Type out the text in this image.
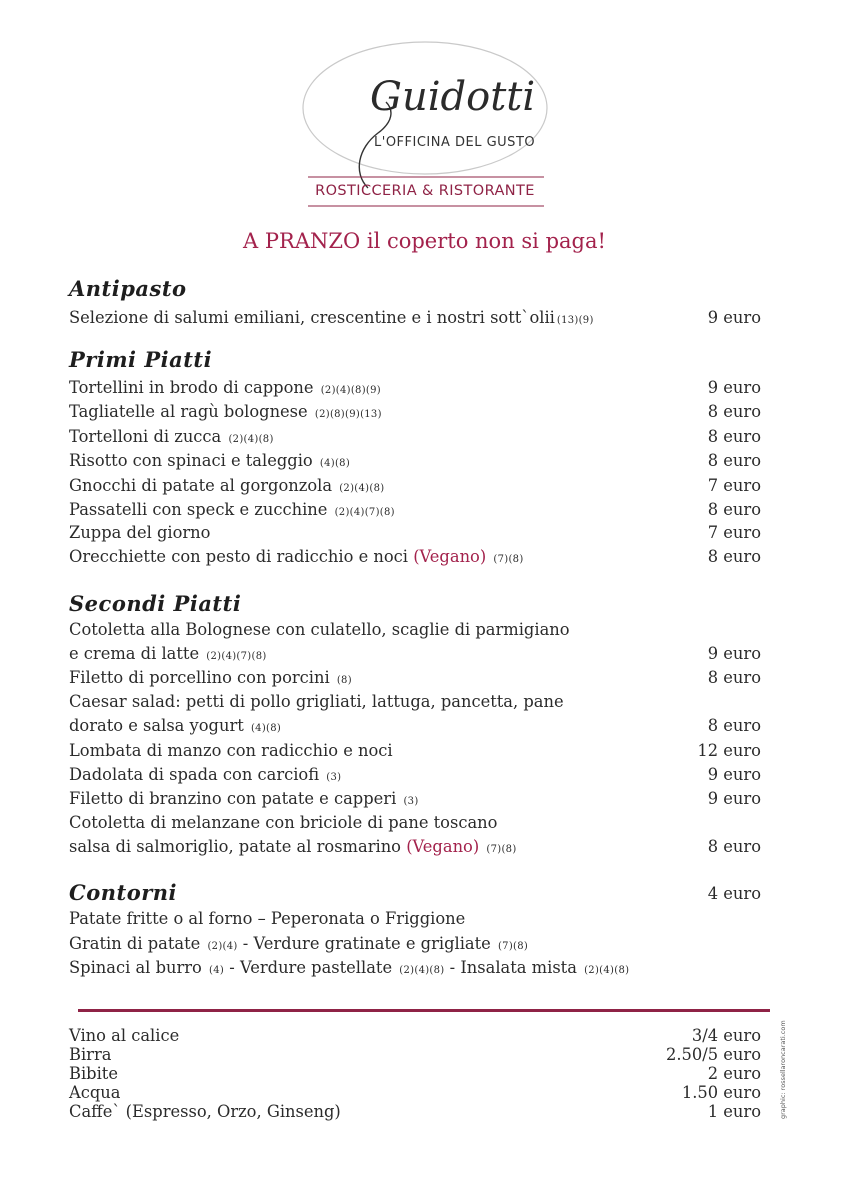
Guidotti
L'OFFICINA DEL GUSTO
ROSTICCERIA & RISTORANTE
A PRANZO il coperto non si paga!
Antipasto
Selezione di salumi emiliani, crescentine e i nostri sott`olii (13)(9)	9 euro
Primi Piatti
Tortellini in brodo di cappone (2)(4)(8)(9)	9 euro
Tagliatelle al ragù bolognese (2)(8)(9)(13)	8 euro
Tortelloni di zucca (2)(4)(8)	8 euro
Risotto con spinaci e taleggio (4)(8)	8 euro
Gnocchi di patate al gorgonzola (2)(4)(8)	7 euro
Passatelli con speck e zucchine (2)(4)(7)(8)	8 euro
Zuppa del giorno	7 euro
Orecchiette con pesto di radicchio e noci (Vegano) (7)(8)	8 euro
Secondi Piatti
Cotoletta alla Bolognese con culatello, scaglie di parmigiano
e crema di latte (2)(4)(7)(8)	9 euro
Filetto di porcellino con porcini (8)	8 euro
Caesar salad: petti di pollo grigliati, lattuga, pancetta, pane
dorato e salsa yogurt (4)(8)	8 euro
Lombata di manzo con radicchio e noci	12 euro
Dadolata di spada con carciofi (3)	9 euro
Filetto di branzino con patate e capperi (3)	9 euro
Cotoletta di melanzane con briciole di pane toscano
salsa di salmoriglio, patate al rosmarino (Vegano) (7)(8)	8 euro
Contorni	4 euro
Patate fritte o al forno – Peperonata o Friggione
Gratin di patate (2)(4) - Verdure gratinate e grigliate (7)(8)
Spinaci al burro (4) - Verdure pastellate (2)(4)(8) - Insalata mista (2)(4)(8)
Vino al calice	3/4 euro
Birra	2.50/5 euro
Bibite	2 euro
Acqua	1.50 euro
Caffe` (Espresso, Orzo, Ginseng)	1 euro	graphic: rossellaroncarati.com
